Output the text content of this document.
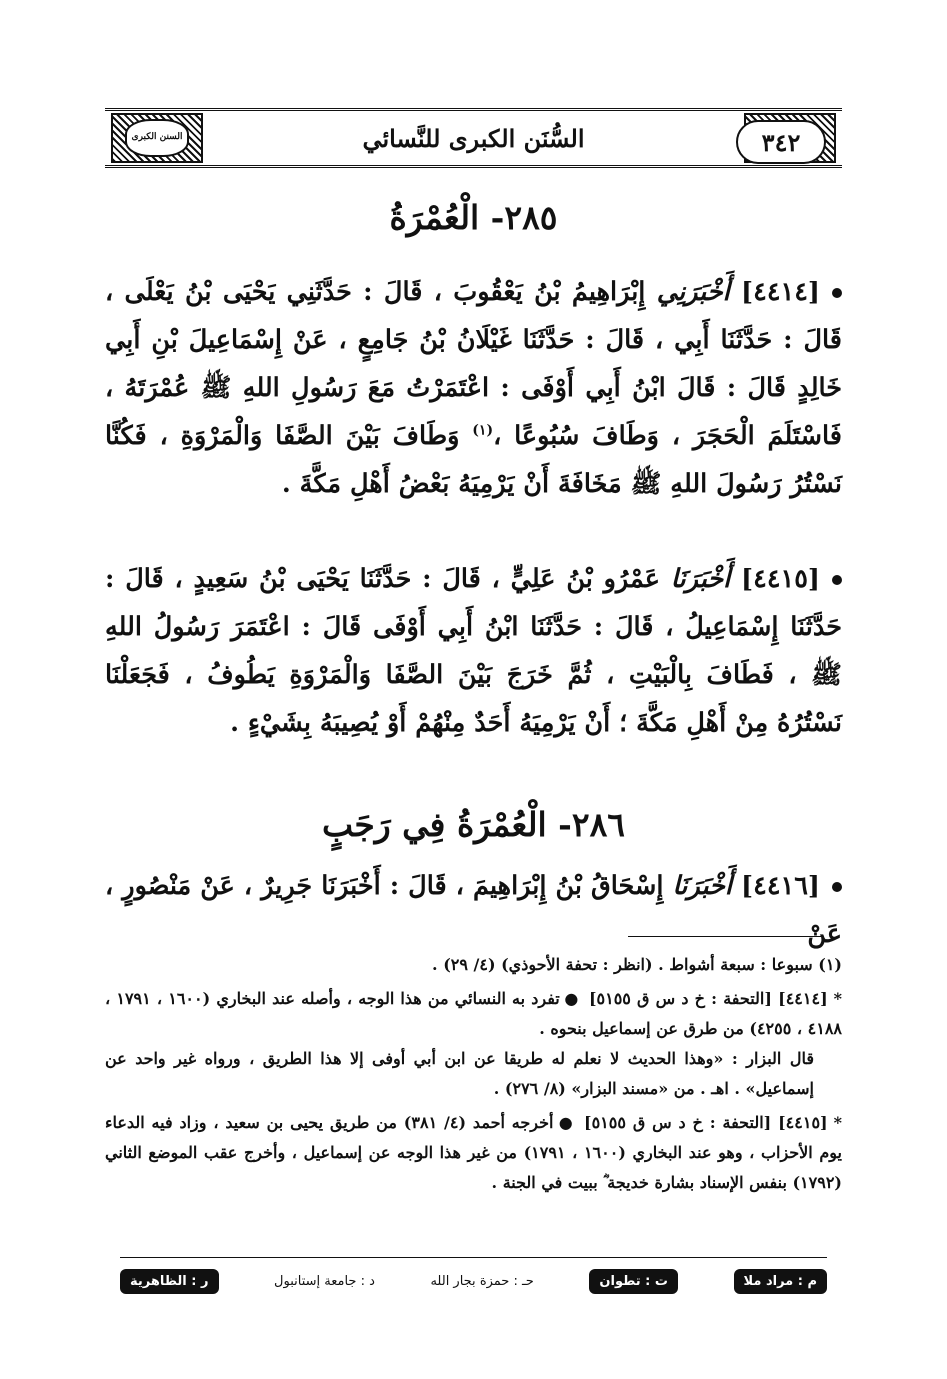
٣٤٢
السُّنَن الكبرى للنَّسائي
السنن الكبرى
٢٨٥- الْعُمْرَةُ
[٤٤١٤] أَخْبَرَنِي إِبْرَاهِيمُ بْنُ يَعْقُوبَ ، قَالَ : حَدَّثَنِي يَحْيَى بْنُ يَعْلَى ، قَالَ : حَدَّثَنَا أَبِي ، قَالَ : حَدَّثَنَا غَيْلَانُ بْنُ جَامِعٍ ، عَنْ إِسْمَاعِيلَ بْنِ أَبِي خَالِدٍ قَالَ : قَالَ ابْنُ أَبِي أَوْفَى : اعْتَمَرْتُ مَعَ رَسُولِ اللهِ ﷺ عُمْرَتَهُ ، فَاسْتَلَمَ الْحَجَرَ ، وَطَافَ سُبُوعًا ،$^{(١)}$ وَطَافَ بَيْنَ الصَّفَا وَالْمَرْوَةِ ، فَكُنَّا نَسْتُرُ رَسُولَ اللهِ ﷺ مَخَافَةَ أَنْ يَرْمِيَهُ بَعْضُ أَهْلِ مَكَّةَ .
[٤٤١٥] أَخْبَرَنَا عَمْرُو بْنُ عَلِيٍّ ، قَالَ : حَدَّثَنَا يَحْيَى بْنُ سَعِيدٍ ، قَالَ : حَدَّثَنَا إِسْمَاعِيلُ ، قَالَ : حَدَّثَنَا ابْنُ أَبِي أَوْفَى قَالَ : اعْتَمَرَ رَسُولُ اللهِ ﷺ ، فَطَافَ بِالْبَيْتِ ، ثُمَّ خَرَجَ بَيْنَ الصَّفَا وَالْمَرْوَةِ يَطُوفُ ، فَجَعَلْنَا نَسْتُرُهُ مِنْ أَهْلِ مَكَّةَ ؛ أَنْ يَرْمِيَهُ أَحَدٌ مِنْهُمْ أَوْ يُصِيبَهُ بِشَيْءٍ .
٢٨٦- الْعُمْرَةُ فِي رَجَبٍ
[٤٤١٦] أَخْبَرَنَا إِسْحَاقُ بْنُ إِبْرَاهِيمَ ، قَالَ : أَخْبَرَنَا جَرِيرٌ ، عَنْ مَنْصُورٍ ، عَنْ
(١) سبوعا : سبعة أشواط . (انظر : تحفة الأحوذي) (٤/ ٢٩) .
*[٤٤١٤] [التحفة : خ د س ق ٥١٥٥]●تفرد به النسائي من هذا الوجه ، وأصله عند البخاري (١٦٠٠ ، ١٧٩١ ، ٤١٨٨ ، ٤٢٥٥) من طرق عن إسماعيل بنحوه .
قال البزار : «وهذا الحديث لا نعلم له طريقا عن ابن أبي أوفى إلا هذا الطريق ، ورواه غير واحد عن إسماعيل» . اهـ . من «مسند البزار» (٨/ ٢٧٦) .
*[٤٤١٥] [التحفة : خ د س ق ٥١٥٥]●أخرجه أحمد (٤/ ٣٨١) من طريق يحيى بن سعيد ، وزاد فيه الدعاء يوم الأحزاب ، وهو عند البخاري (١٦٠٠ ، ١٧٩١) من غير هذا الوجه عن إسماعيل ، وأخرج عقب الموضع الثاني (١٧٩٢) بنفس الإسناد بشارة خديجة ؓ ببيت في الجنة .
م : مراد ملا
ت : تطوان
حـ : حمزة بجار الله
د : جامعة إستانبول
ر : الظاهرية
